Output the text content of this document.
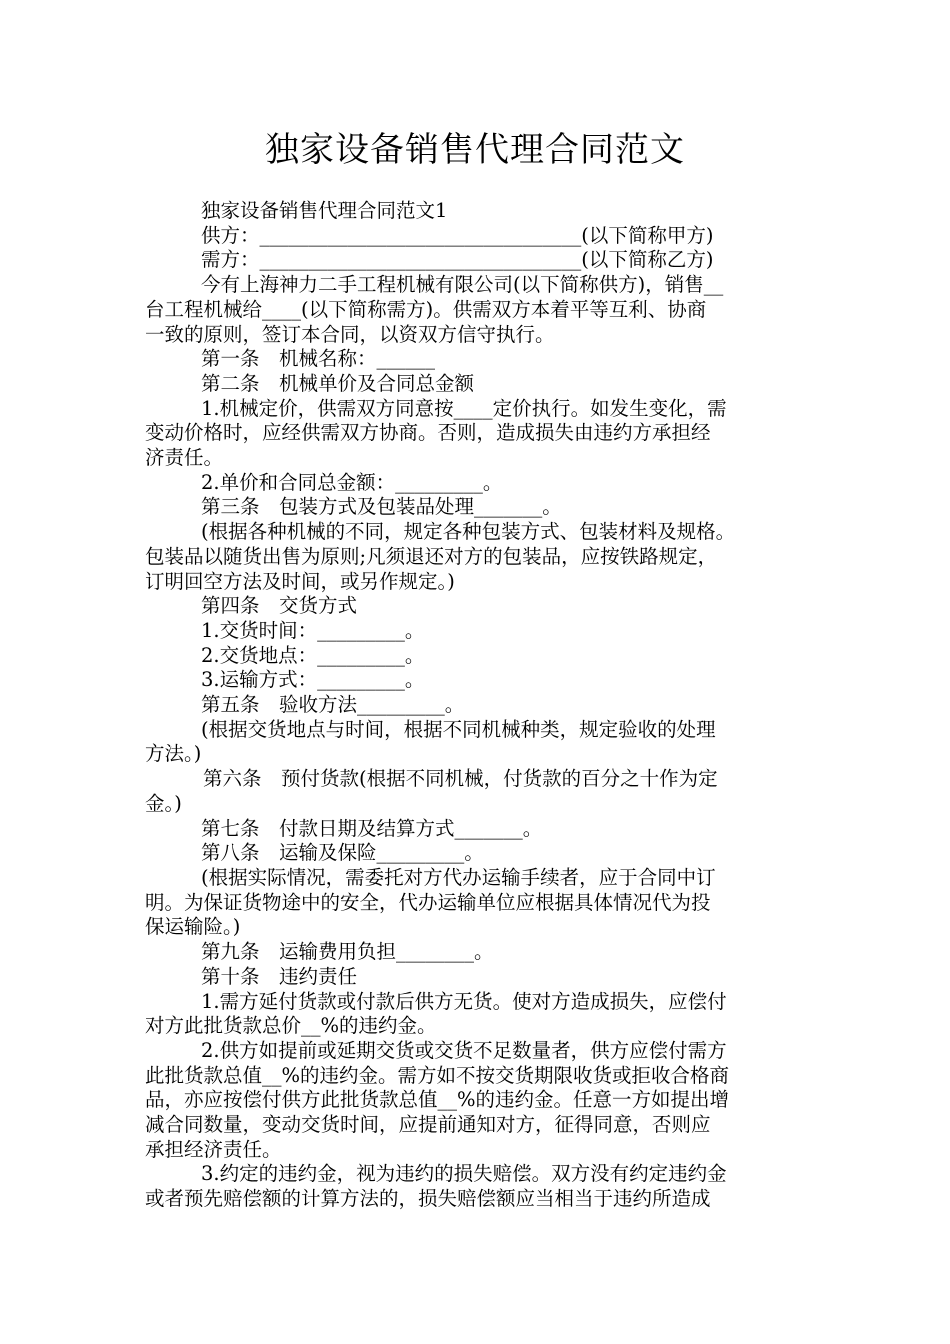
独家设备销售代理合同范文

独家设备销售代理合同范文1

供方：_________________________________(以下简称甲方)

需方：_________________________________(以下简称乙方)

今有上海神力二手工程机械有限公司(以下简称供方)，销售__

台工程机械给____(以下简称需方)。供需双方本着平等互利、协商

一致的原则，签订本合同，以资双方信守执行。

第一条　机械名称：______

第二条　机械单价及合同总金额

1.机械定价，供需双方同意按____定价执行。如发生变化，需

变动价格时，应经供需双方协商。否则，造成损失由违约方承担经

济责任。

2.单价和合同总金额：_________。

第三条　包装方式及包装品处理_______。

(根据各种机械的不同，规定各种包装方式、包装材料及规格。

包装品以随货出售为原则;凡须退还对方的包装品，应按铁路规定，

订明回空方法及时间，或另作规定。)

第四条　交货方式

1.交货时间：_________。

2.交货地点：_________。

3.运输方式：_________。

第五条　验收方法_________。

(根据交货地点与时间，根据不同机械种类，规定验收的处理

方法。)

第六条　预付货款(根据不同机械，付货款的百分之十作为定

金。)

第七条　付款日期及结算方式_______。

第八条　运输及保险_________。

(根据实际情况，需委托对方代办运输手续者，应于合同中订

明。为保证货物途中的安全，代办运输单位应根据具体情况代为投

保运输险。)

第九条　运输费用负担________。

第十条　违约责任

1.需方延付货款或付款后供方无货。使对方造成损失，应偿付

对方此批货款总价__%的违约金。

2.供方如提前或延期交货或交货不足数量者，供方应偿付需方

此批货款总值__%的违约金。需方如不按交货期限收货或拒收合格商

品，亦应按偿付供方此批货款总值__%的违约金。任意一方如提出增

减合同数量，变动交货时间，应提前通知对方，征得同意，否则应

承担经济责任。

3.约定的违约金，视为违约的损失赔偿。双方没有约定违约金

或者预先赔偿额的计算方法的，损失赔偿额应当相当于违约所造成
